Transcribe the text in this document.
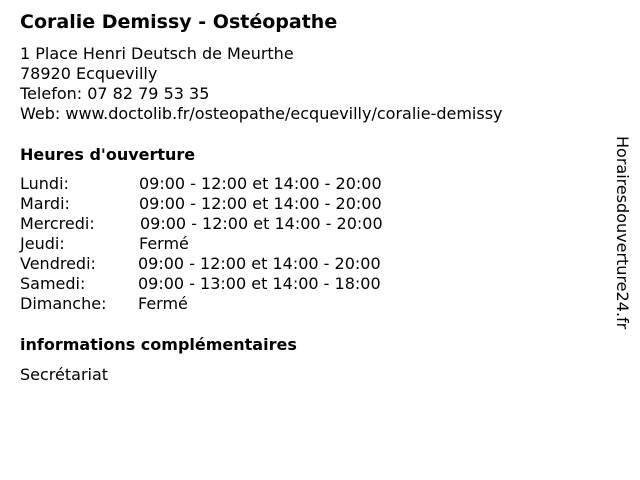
Coralie Demissy - Ostéopathe
1 Place Henri Deutsch de Meurthe
78920 Ecquevilly
Telefon: 07 82 79 53 35
Web: www.doctolib.fr/osteopathe/ecquevilly/coralie-demissy
Heures d'ouverture
Lundi:	09:00 - 12:00 et 14:00 - 20:00
Mardi:	09:00 - 12:00 et 14:00 - 20:00
Mercredi:	09:00 - 12:00 et 14:00 - 20:00
Jeudi:	Fermé
Vendredi:	09:00 - 12:00 et 14:00 - 20:00
Samedi:	09:00 - 13:00 et 14:00 - 18:00
Dimanche: Fermé
informations complémentaires
Secrétariat
Horairesdouverture24.fr
